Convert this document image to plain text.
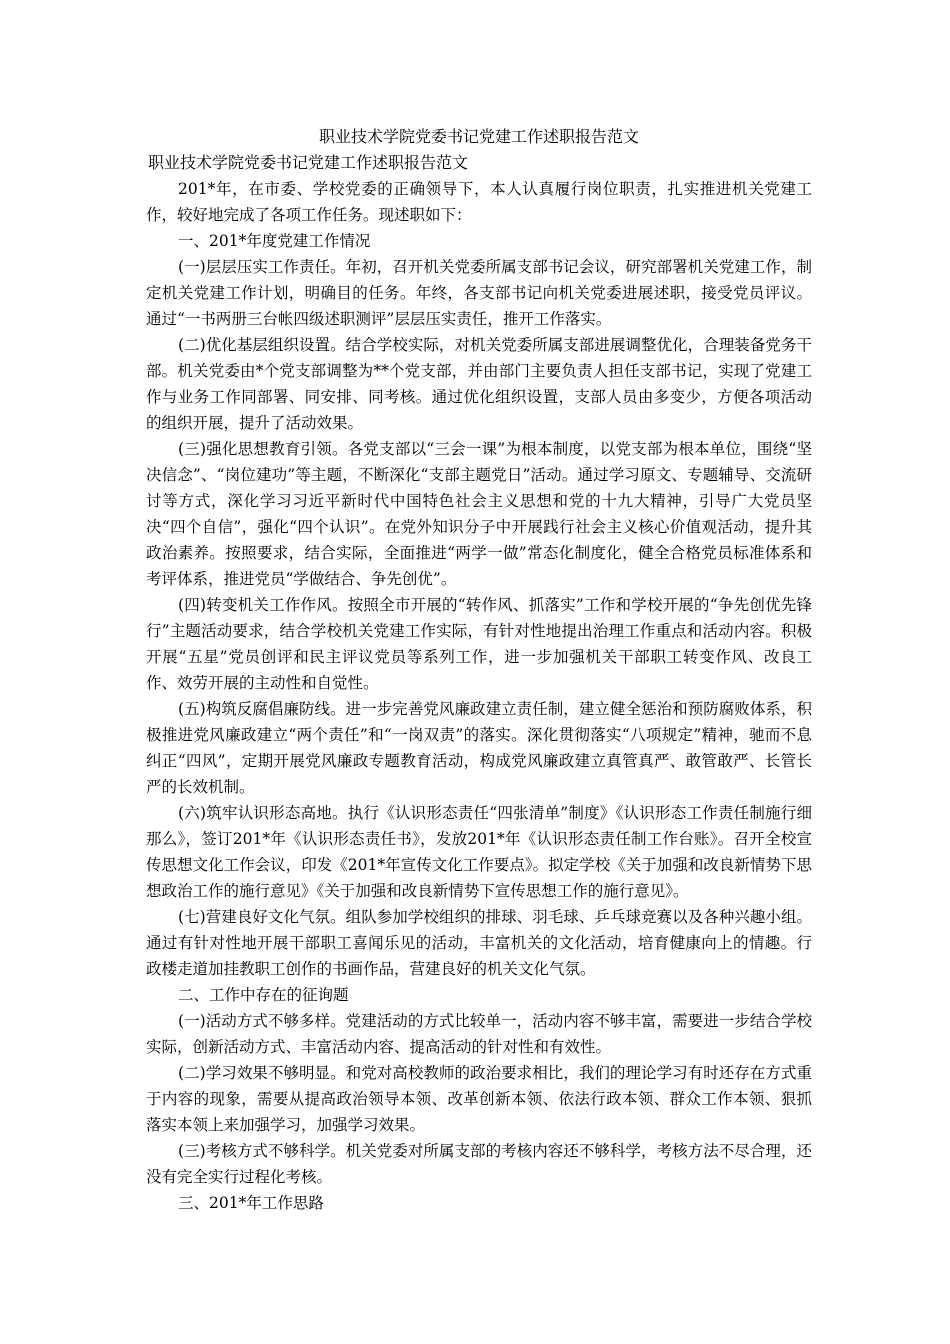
职业技术学院党委书记党建工作述职报告范文
职业技术学院党委书记党建工作述职报告范文

201*年，在市委、学校党委的正确领导下，本人认真履行岗位职责，扎实推进机关党建工作，较好地完成了各项工作任务。现述职如下：

一、201*年度党建工作情况

(一)层层压实工作责任。年初，召开机关党委所属支部书记会议，研究部署机关党建工作，制定机关党建工作计划，明确目的任务。年终，各支部书记向机关党委进展述职，接受党员评议。通过“一书两册三台帐四级述职测评”层层压实责任，推开工作落实。

(二)优化基层组织设置。结合学校实际，对机关党委所属支部进展调整优化，合理装备党务干部。机关党委由*个党支部调整为**个党支部，并由部门主要负责人担任支部书记，实现了党建工作与业务工作同部署、同安排、同考核。通过优化组织设置，支部人员由多变少，方便各项活动的组织开展，提升了活动效果。

(三)强化思想教育引领。各党支部以“三会一课”为根本制度，以党支部为根本单位，围绕“坚决信念”、“岗位建功”等主题，不断深化“支部主题党日”活动。通过学习原文、专题辅导、交流研讨等方式，深化学习习近平新时代中国特色社会主义思想和党的十九大精神，引导广大党员坚决“四个自信”，强化“四个认识”。在党外知识分子中开展践行社会主义核心价值观活动，提升其政治素养。按照要求，结合实际，全面推进“两学一做”常态化制度化，健全合格党员标准体系和考评体系，推进党员“学做结合、争先创优”。

(四)转变机关工作作风。按照全市开展的“转作风、抓落实”工作和学校开展的“争先创优先锋行”主题活动要求，结合学校机关党建工作实际，有针对性地提出治理工作重点和活动内容。积极开展“五星”党员创评和民主评议党员等系列工作，进一步加强机关干部职工转变作风、改良工作、效劳开展的主动性和自觉性。

(五)构筑反腐倡廉防线。进一步完善党风廉政建立责任制，建立健全惩治和预防腐败体系，积极推进党风廉政建立“两个责任”和“一岗双责”的落实。深化贯彻落实“八项规定”精神，驰而不息纠正“四风”，定期开展党风廉政专题教育活动，构成党风廉政建立真管真严、敢管敢严、长管长严的长效机制。

(六)筑牢认识形态高地。执行《认识形态责任“四张清单”制度》《认识形态工作责任制施行细那么》，签订201*年《认识形态责任书》，发放201*年《认识形态责任制工作台账》。召开全校宣传思想文化工作会议，印发《201*年宣传文化工作要点》。拟定学校《关于加强和改良新情势下思想政治工作的施行意见》《关于加强和改良新情势下宣传思想工作的施行意见》。

(七)营建良好文化气氛。组队参加学校组织的排球、羽毛球、乒乓球竞赛以及各种兴趣小组。通过有针对性地开展干部职工喜闻乐见的活动，丰富机关的文化活动，培育健康向上的情趣。行政楼走道加挂教职工创作的书画作品，营建良好的机关文化气氛。

二、工作中存在的征询题

(一)活动方式不够多样。党建活动的方式比较单一，活动内容不够丰富，需要进一步结合学校实际，创新活动方式、丰富活动内容、提高活动的针对性和有效性。

(二)学习效果不够明显。和党对高校教师的政治要求相比，我们的理论学习有时还存在方式重于内容的现象，需要从提高政治领导本领、改革创新本领、依法行政本领、群众工作本领、狠抓落实本领上来加强学习，加强学习效果。

(三)考核方式不够科学。机关党委对所属支部的考核内容还不够科学，考核方法不尽合理，还没有完全实行过程化考核。

三、201*年工作思路
